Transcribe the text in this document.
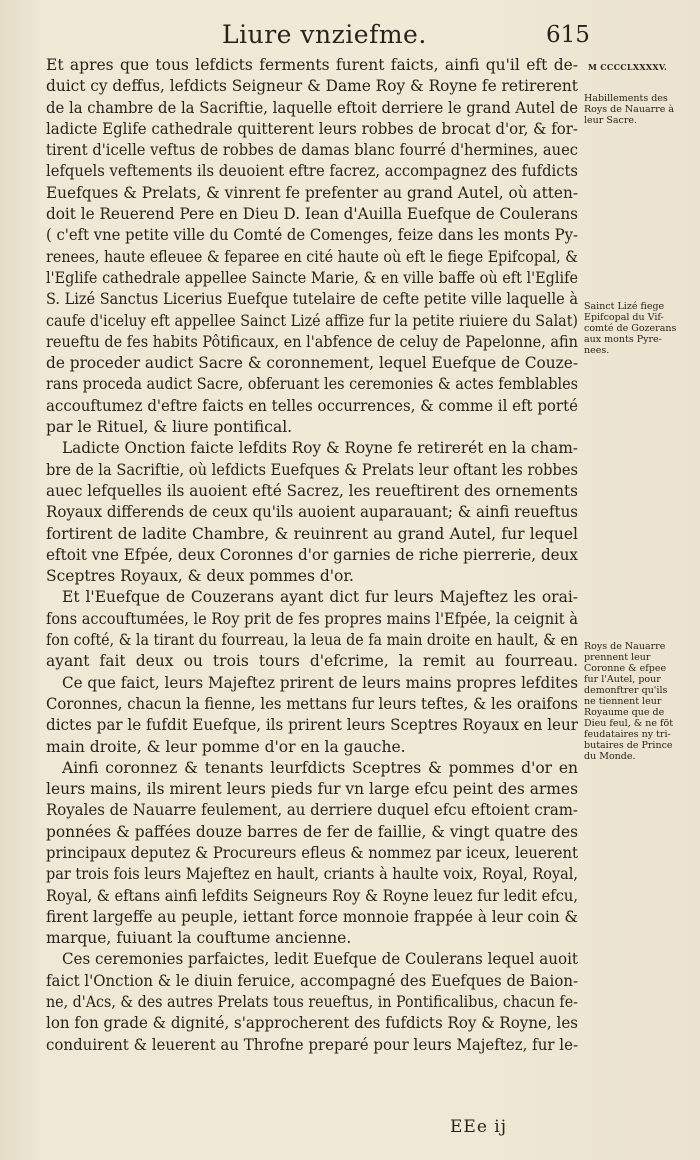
Liure vnziefme.	615
M CCCCLXXXXV.
Et apres que tous lefdicts ferments furent faicts, ainfi qu'il eft de-
duict cy deffus, lefdicts Seigneur & Dame Roy & Royne fe retirerent
de la chambre de la Sacriftie, laquelle eftoit derriere le grand Autel de
ladicte Eglife cathedrale quitterent leurs robbes de brocat d'or, & for-
tirent d'icelle veftus de robbes de damas blanc fourré d'hermines, auec
lefquels veftements ils deuoient eftre facrez, accompagnez des fufdicts
Euefques & Prelats, & vinrent fe prefenter au grand Autel, où atten-
doit le Reuerend Pere en Dieu D. Iean d'Auilla Euefque de Coulerans
( c'eft vne petite ville du Comté de Comenges, feize dans les monts Py-
renees, haute efleuee & feparee en cité haute où eft le fiege Epifcopal, &
l'Eglife cathedrale appellee Saincte Marie, & en ville baffe où eft l'Eglife
S. Lizé Sanctus Licerius Euefque tutelaire de cefte petite ville laquelle à
caufe d'iceluy eft appellee Sainct Lizé affize fur la petite riuiere du Salat)
reueftu de fes habits Pôtificaux, en l'abfence de celuy de Papelonne, afin
de proceder audict Sacre & coronnement, lequel Euefque de Couze-
rans proceda audict Sacre, obferuant les ceremonies & actes femblables
accouftumez d'eftre faicts en telles occurrences, & comme il eft porté
par le Rituel, & liure pontifical.
Ladicte Onction faicte lefdits Roy & Royne fe retirerét en la cham-
bre de la Sacriftie, où lefdicts Euefques & Prelats leur oftant les robbes
auec lefquelles ils auoient efté Sacrez, les reueftirent des ornements
Royaux differends de ceux qu'ils auoient auparauant; & ainfi reueftus
fortirent de ladite Chambre, & reuinrent au grand Autel, fur lequel
eftoit vne Efpée, deux Coronnes d'or garnies de riche pierrerie, deux
Sceptres Royaux, & deux pommes d'or.
Et l'Euefque de Couzerans ayant dict fur leurs Majeftez les orai-
fons accouftumées, le Roy prit de fes propres mains l'Efpée, la ceignit à
fon cofté, & la tirant du fourreau, la leua de fa main droite en hault, & en
ayant fait deux ou trois tours d'efcrime, la remit au fourreau.
Ce que faict, leurs Majeftez prirent de leurs mains propres lefdites
Coronnes, chacun la fienne, les mettans fur leurs teftes, & les oraifons
dictes par le fufdit Euefque, ils prirent leurs Sceptres Royaux en leur
main droite, & leur pomme d'or en la gauche.
Ainfi coronnez & tenants leurfdicts Sceptres & pommes d'or en
leurs mains, ils mirent leurs pieds fur vn large efcu peint des armes
Royales de Nauarre feulement, au derriere duquel efcu eftoient cram-
ponnées & paffées douze barres de fer de faillie, & vingt quatre des
principaux deputez & Procureurs efleus & nommez par iceux, leuerent
par trois fois leurs Majeftez en hault, criants à haulte voix, Royal, Royal,
Royal, & eftans ainfi lefdits Seigneurs Roy & Royne leuez fur ledit efcu,
firent largeffe au peuple, iettant force monnoie frappée à leur coin &
marque, fuiuant la couftume ancienne.
Ces ceremonies parfaictes, ledit Euefque de Coulerans lequel auoit
faict l'Onction & le diuin feruice, accompagné des Euefques de Baion-
ne, d'Acs, & des autres Prelats tous reueftus, in Pontificalibus, chacun fe-
lon fon grade & dignité, s'approcherent des fufdicts Roy & Royne, les
conduirent & leuerent au Throfne preparé pour leurs Majeftez, fur le-
Habillements des
Roys de Nauarre à
leur Sacre.
Sainct Lizé fiege
Epifcopal du Vif-
comté de Gozerans
aux monts Pyre-
nees.
Roys de Nauarre
prennent leur
Coronne & efpee
fur l'Autel, pour
demonftrer qu'ils
ne tiennent leur
Royaume que de
Dieu feul, & ne fōt
feudataires ny tri-
butaires de Prince
du Monde.
EEe ij
